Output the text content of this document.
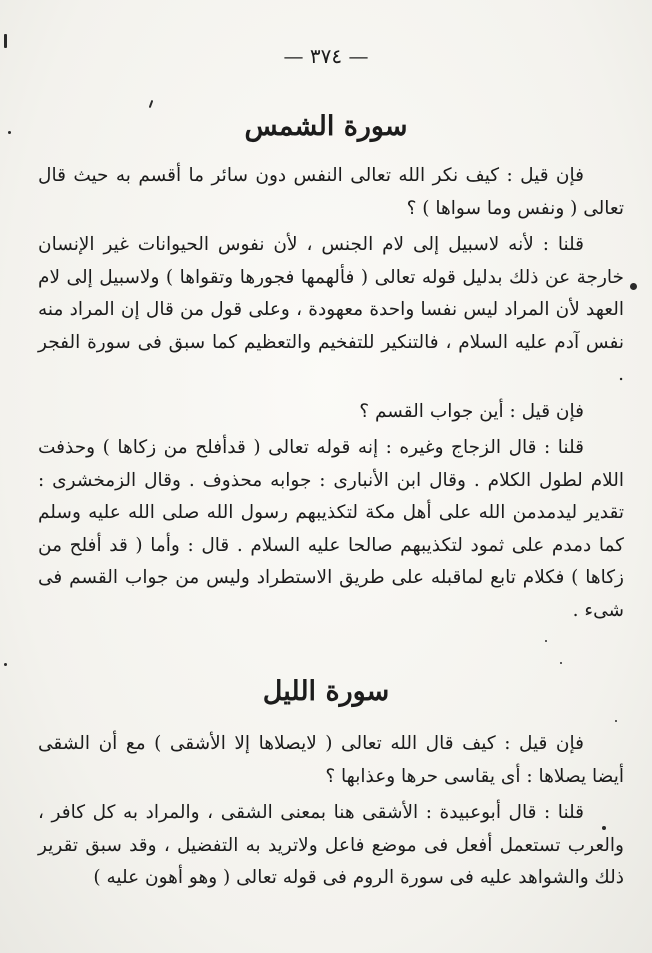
— ٣٧٤ —
سورة الشمس

فإن قيل : كيف نكر الله تعالى النفس دون سائر ما أقسم به حيث قال تعالى ( ونفس وما سواها ) ؟

قلنا : لأنه لاسبيل إلى لام الجنس ، لأن نفوس الحيوانات غير الإنسان خارجة عن ذلك بدليل قوله تعالى ( فألهمها فجورها وتقواها ) ولاسبيل إلى لام العهد لأن المراد ليس نفسا واحدة معهودة ، وعلى قول من قال إن المراد منه نفس آدم عليه السلام ، فالتنكير للتفخيم والتعظيم كما سبق فى سورة الفجر .

فإن قيل : أين جواب القسم ؟

قلنا : قال الزجاج وغيره : إنه قوله تعالى ( قدأفلح من زكاها ) وحذفت اللام لطول الكلام . وقال ابن الأنبارى : جوابه محذوف . وقال الزمخشرى : تقدير ليدمدمن الله على أهل مكة لتكذيبهم رسول الله صلى الله عليه وسلم كما دمدم على ثمود لتكذيبهم صالحا عليه السلام . قال : وأما ( قد أفلح من زكاها ) فكلام تابع لماقبله على طريق الاستطراد وليس من جواب القسم فى شىء .

سورة الليل

فإن قيل : كيف قال الله تعالى ( لايصلاها إلا الأشقى ) مع أن الشقى أيضا يصلاها : أى يقاسى حرها وعذابها ؟

قلنا : قال أبوعبيدة : الأشقى هنا بمعنى الشقى ، والمراد به كل كافر ، والعرب تستعمل أفعل فى موضع فاعل ولاتريد به التفضيل ، وقد سبق تقرير ذلك والشواهد عليه فى سورة الروم فى قوله تعالى ( وهو أهون عليه )
